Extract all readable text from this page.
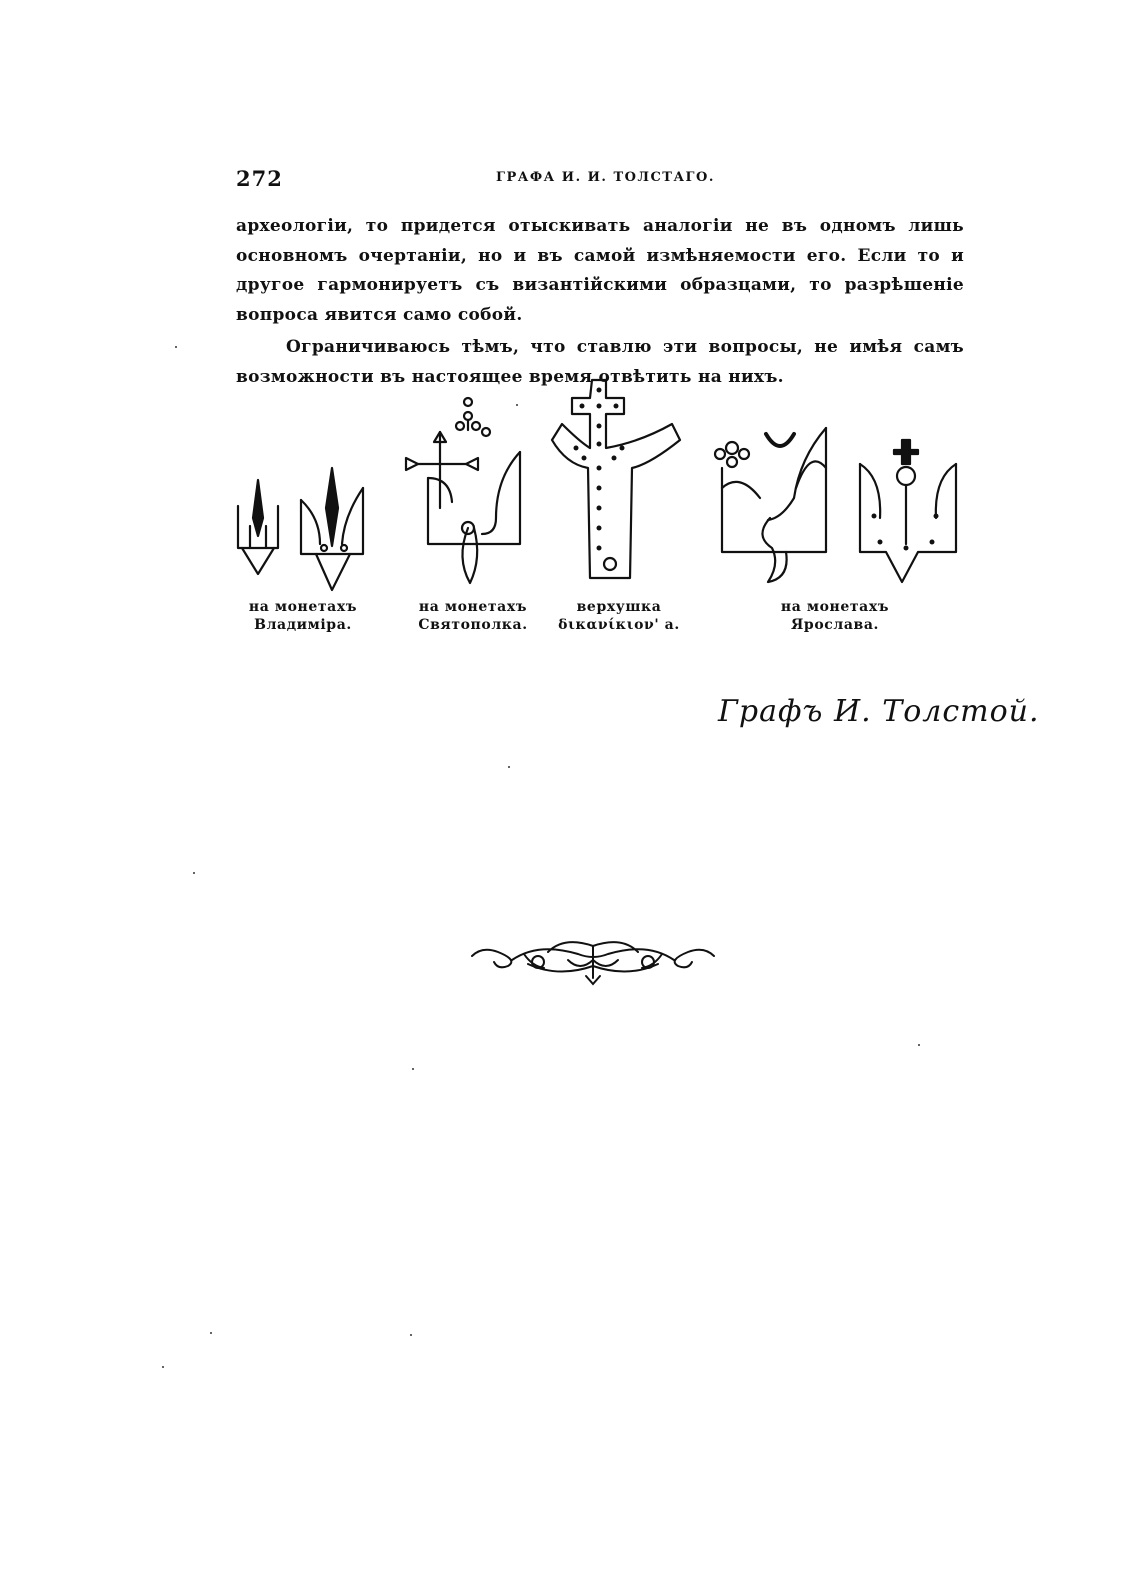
272	ГРАФА И. И. ТОЛСТАГО.

археологіи, то придется отыскивать аналогіи не въ одномъ лишь основномъ очертаніи, но и въ самой измѣняемости его. Если то и другое гармонируетъ съ византійскими образцами, то разрѣшеніе вопроса явится само собой.

Ограничиваюсь тѣмъ, что ставлю эти вопросы, не имѣя самъ возможности въ настоящее время отвѣтить на нихъ.

на монетахъ
Владиміра.
на монетахъ
Святополка.
верхушка
δικανίκιον' а.
на монетахъ
Ярослава.
Графъ И. Толстой.
